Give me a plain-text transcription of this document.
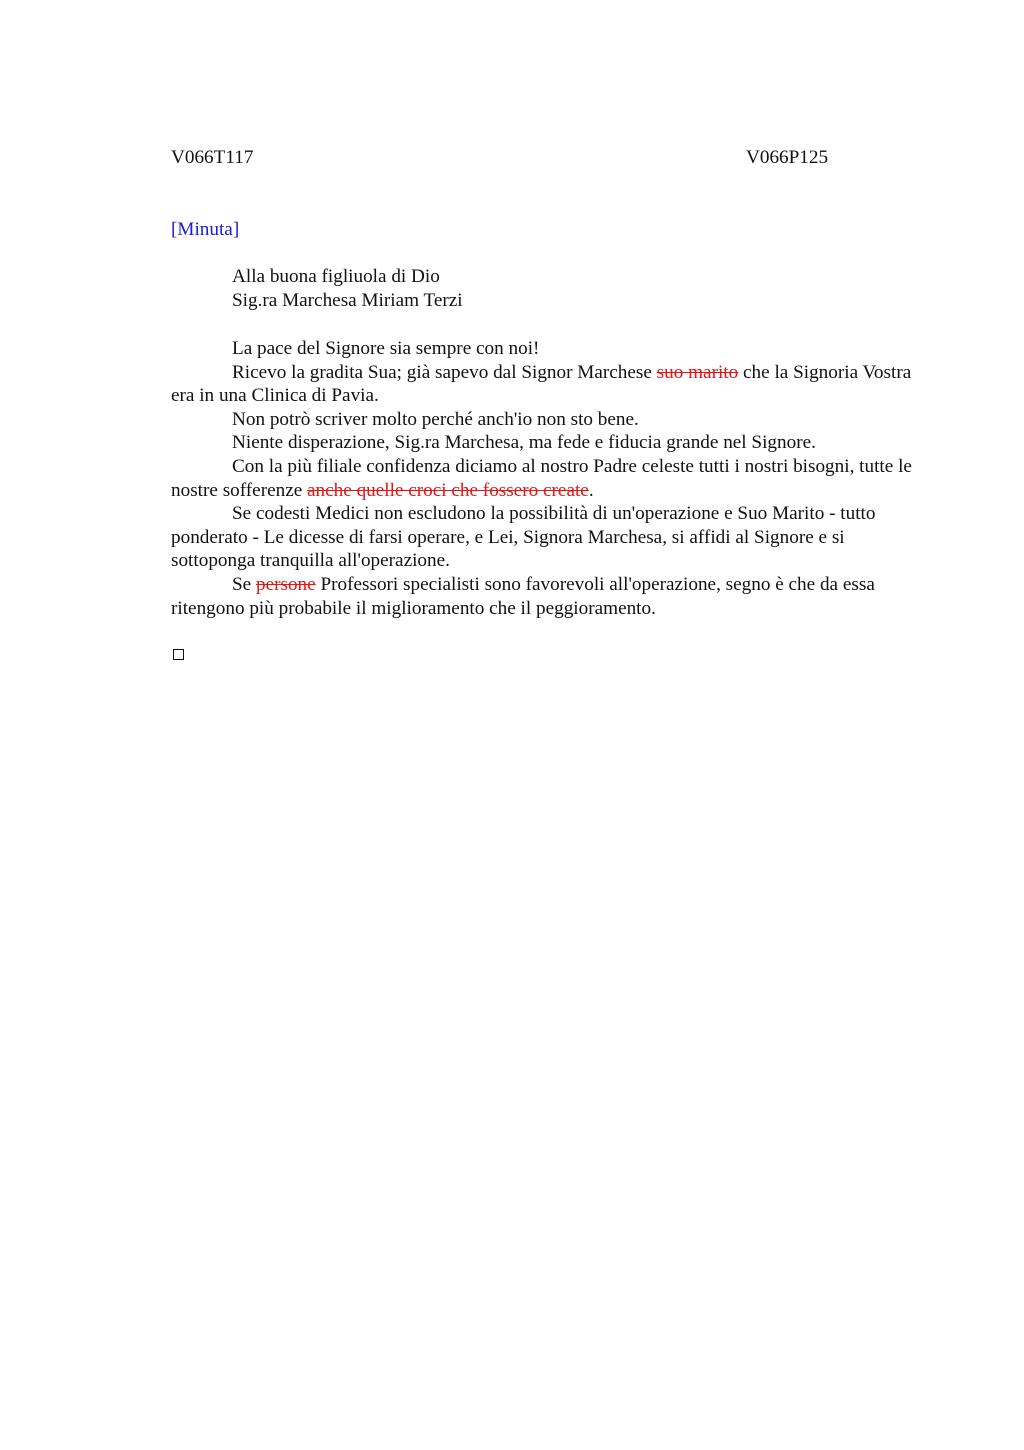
V066T117	V066P125
[Minuta]
Alla buona figliuola di Dio
Sig.ra Marchesa Miriam Terzi

La pace del Signore sia sempre con noi!

Ricevo la gradita Sua; già sapevo dal Signor Marchese suo marito che la Signoria Vostra era in una Clinica di Pavia.

Non potrò scriver molto perché anch'io non sto bene.

Niente disperazione, Sig.ra Marchesa, ma fede e fiducia grande nel Signore.

Con la più filiale confidenza diciamo al nostro Padre celeste tutti i nostri bisogni, tutte le nostre sofferenze anche quelle croci che fossero create.

Se codesti Medici non escludono la possibilità di un'operazione e Suo Marito - tutto ponderato - Le dicesse di farsi operare, e Lei, Signora Marchesa, si affidi al Signore e si sottoponga tranquilla all'operazione.

Se persone Professori specialisti sono favorevoli all'operazione, segno è che da essa ritengono più probabile il miglioramento che il peggioramento.
